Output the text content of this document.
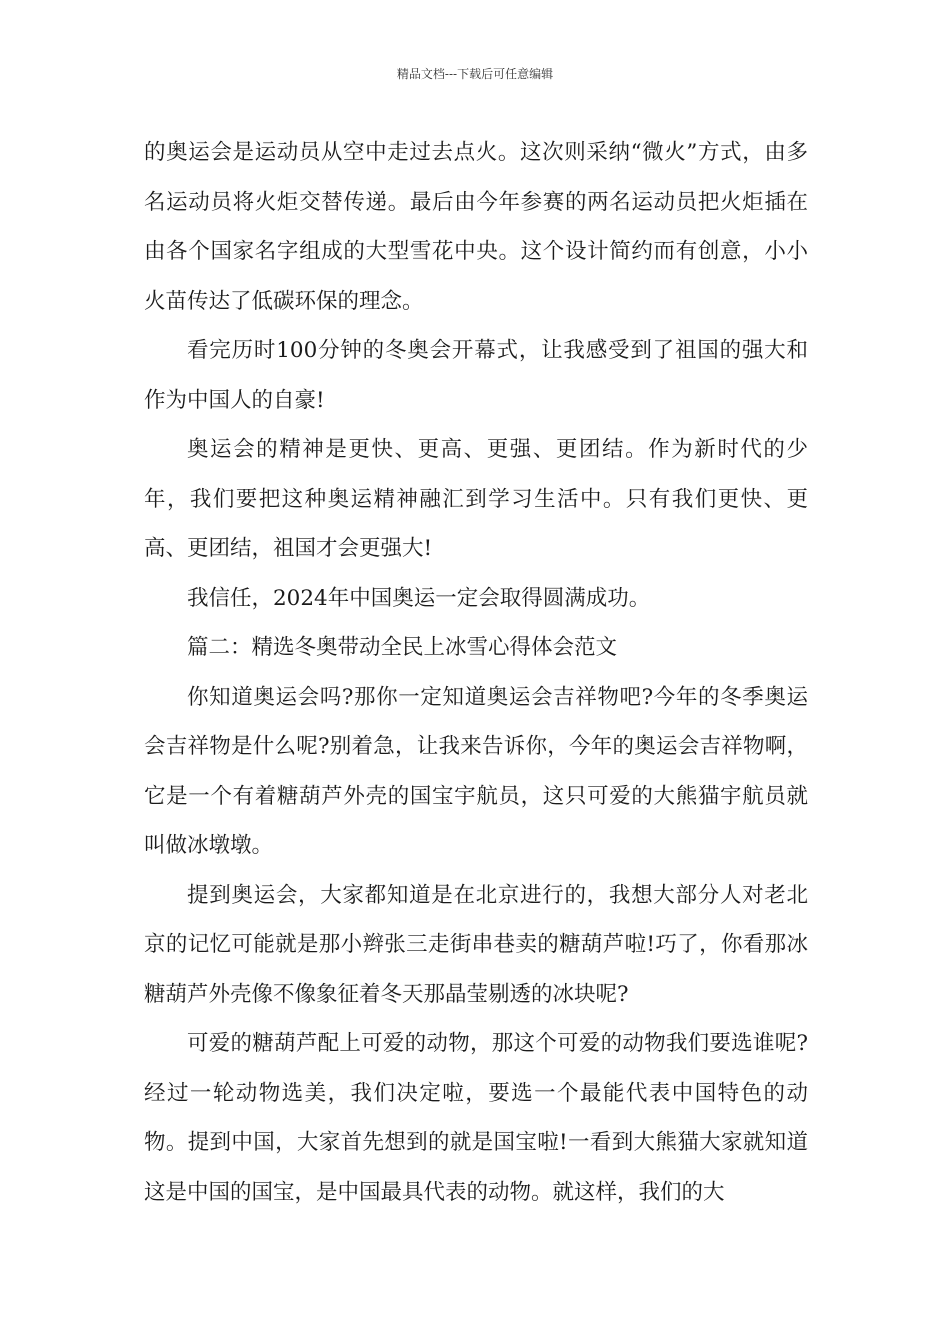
精品文档---下载后可任意编辑

的奥运会是运动员从空中走过去点火。这次则采纳“微火”方式，由多名运动员将火炬交替传递。最后由今年参赛的两名运动员把火炬插在由各个国家名字组成的大型雪花中央。这个设计简约而有创意，小小火苗传达了低碳环保的理念。

看完历时100分钟的冬奥会开幕式，让我感受到了祖国的强大和作为中国人的自豪!

奥运会的精神是更快、更高、更强、更团结。作为新时代的少年，我们要把这种奥运精神融汇到学习生活中。只有我们更快、更高、更团结，祖国才会更强大!

我信任，2024年中国奥运一定会取得圆满成功。

篇二：精选冬奥带动全民上冰雪心得体会范文

你知道奥运会吗?那你一定知道奥运会吉祥物吧?今年的冬季奥运会吉祥物是什么呢?别着急，让我来告诉你，今年的奥运会吉祥物啊，它是一个有着糖葫芦外壳的国宝宇航员，这只可爱的大熊猫宇航员就叫做冰墩墩。

提到奥运会，大家都知道是在北京进行的，我想大部分人对老北京的记忆可能就是那小辫张三走街串巷卖的糖葫芦啦!巧了，你看那冰糖葫芦外壳像不像象征着冬天那晶莹剔透的冰块呢?

可爱的糖葫芦配上可爱的动物，那这个可爱的动物我们要选谁呢?经过一轮动物选美，我们决定啦，要选一个最能代表中国特色的动物。提到中国，大家首先想到的就是国宝啦!一看到大熊猫大家就知道这是中国的国宝，是中国最具代表的动物。就这样，我们的大
